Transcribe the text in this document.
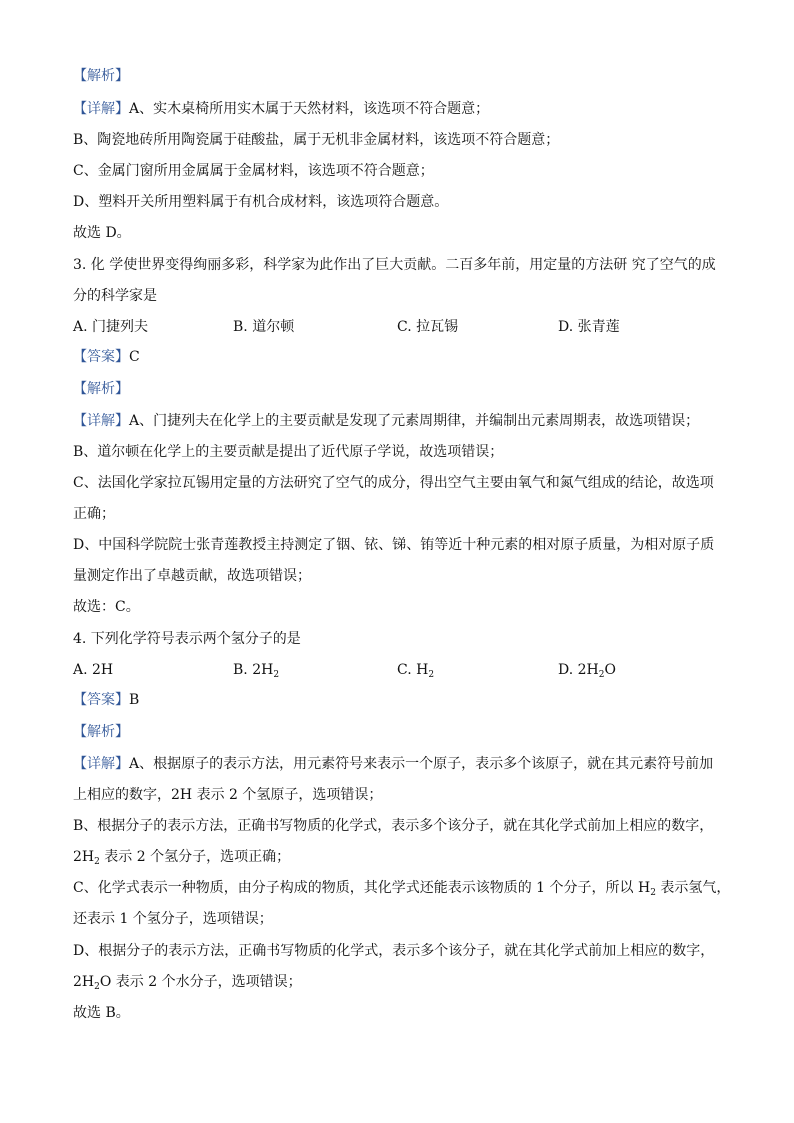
【解析】
【详解】A、实木桌椅所用实木属于天然材料，该选项不符合题意；
B、陶瓷地砖所用陶瓷属于硅酸盐，属于无机非金属材料，该选项不符合题意；
C、金属门窗所用金属属于金属材料，该选项不符合题意；
D、塑料开关所用塑料属于有机合成材料，该选项符合题意。
故选 D。
3. 化 学使世界变得绚丽多彩，科学家为此作出了巨大贡献。二百多年前，用定量的方法研 究了空气的成
分的科学家是
A. 门捷列夫	B. 道尔顿	C. 拉瓦锡	D. 张青莲
【答案】C
【解析】
【详解】A、门捷列夫在化学上的主要贡献是发现了元素周期律，并编制出元素周期表，故选项错误；
B、道尔顿在化学上的主要贡献是提出了近代原子学说，故选项错误；
C、法国化学家拉瓦锡用定量的方法研究了空气的成分，得出空气主要由氧气和氮气组成的结论，故选项
正确；
D、中国科学院院士张青莲教授主持测定了铟、铱、锑、铕等近十种元素的相对原子质量，为相对原子质
量测定作出了卓越贡献，故选项错误；
故选：C。
4. 下列化学符号表示两个氢分子的是
A. 2H	B. $2H_2$	C. $H_2$	D. $2H_2O$
【答案】B
【解析】
【详解】A、根据原子的表示方法，用元素符号来表示一个原子，表示多个该原子，就在其元素符号前加
上相应的数字，2H 表示 2 个氢原子，选项错误；
B、根据分子的表示方法，正确书写物质的化学式，表示多个该分子，就在其化学式前加上相应的数字，
$2H_2$ 表示 2 个氢分子，选项正确；
C、化学式表示一种物质，由分子构成的物质，其化学式还能表示该物质的 1 个分子，所以 $H_2$ 表示氢气，
还表示 1 个氢分子，选项错误；
D、根据分子的表示方法，正确书写物质的化学式，表示多个该分子，就在其化学式前加上相应的数字，
$2H_2O$ 表示 2 个水分子，选项错误；
故选 B。
